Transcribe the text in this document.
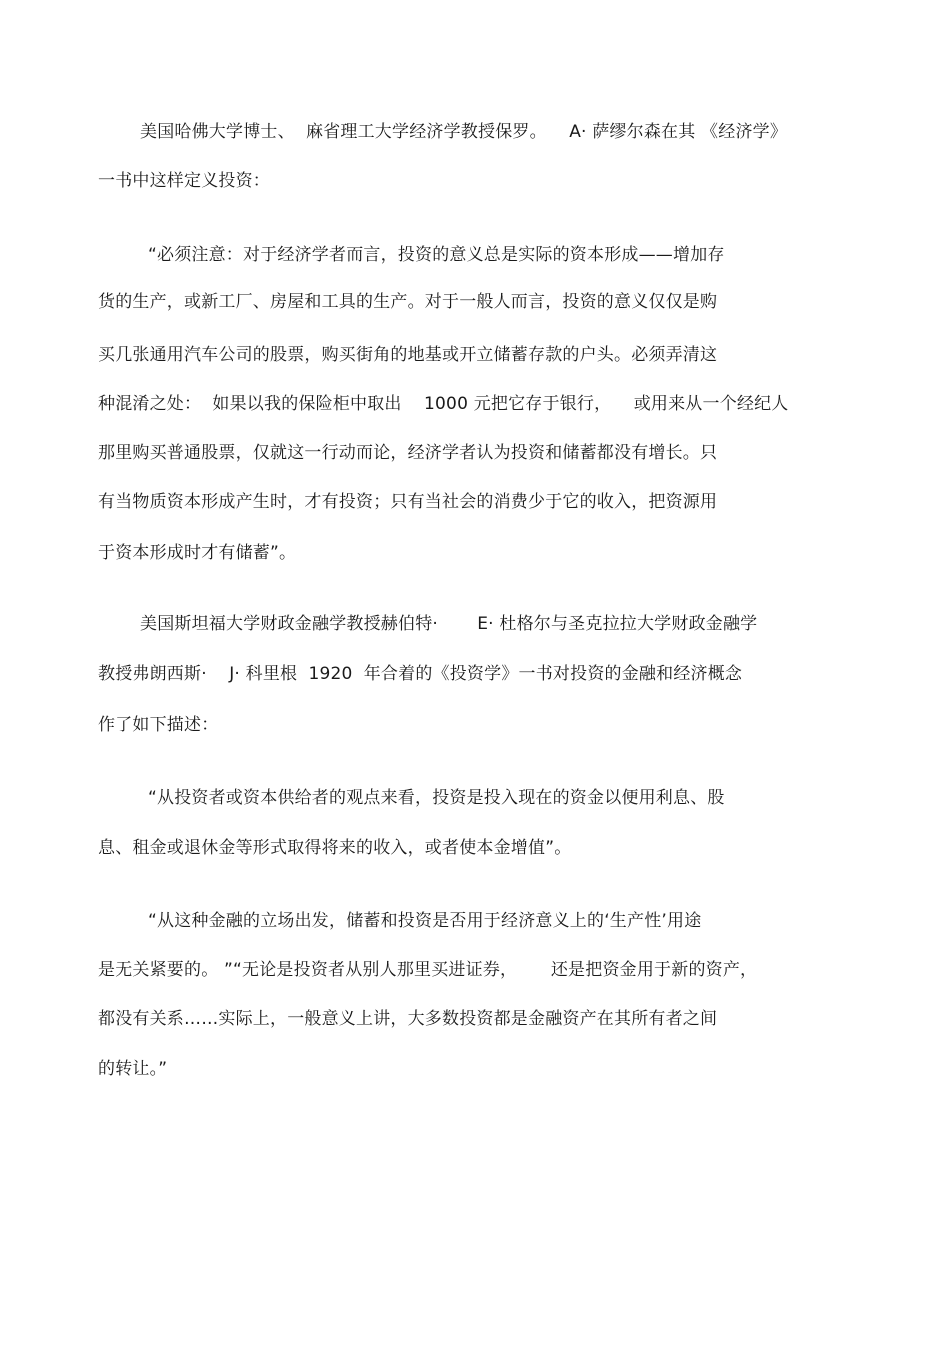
美国哈佛大学博士、  麻省理工大学经济学教授保罗。    A· 萨缪尔森在其 《经济学》
一书中这样定义投资：
“必须注意：对于经济学者而言，投资的意义总是实际的资本形成——增加存
货的生产，或新工厂、房屋和工具的生产。对于一般人而言，投资的意义仅仅是购
买几张通用汽车公司的股票，购买街角的地基或开立储蓄存款的户头。必须弄清这
种混淆之处：  如果以我的保险柜中取出    1000 元把它存于银行，    或用来从一个经纪人
那里购买普通股票，仅就这一行动而论，经济学者认为投资和储蓄都没有增长。只
有当物质资本形成产生时，才有投资；只有当社会的消费少于它的收入，把资源用
于资本形成时才有储蓄”。
美国斯坦福大学财政金融学教授赫伯特·       E· 杜格尔与圣克拉拉大学财政金融学
教授弗朗西斯·    J· 科里根  1920  年合着的《投资学》一书对投资的金融和经济概念
作了如下描述：
“从投资者或资本供给者的观点来看，投资是投入现在的资金以便用利息、股
息、租金或退休金等形式取得将来的收入，或者使本金增值”。
“从这种金融的立场出发，储蓄和投资是否用于经济意义上的‘生产性’用途
是无关紧要的。 ”“无论是投资者从别人那里买进证券，      还是把资金用于新的资产，
都没有关系……实际上，一般意义上讲，大多数投资都是金融资产在其所有者之间
的转让。”
